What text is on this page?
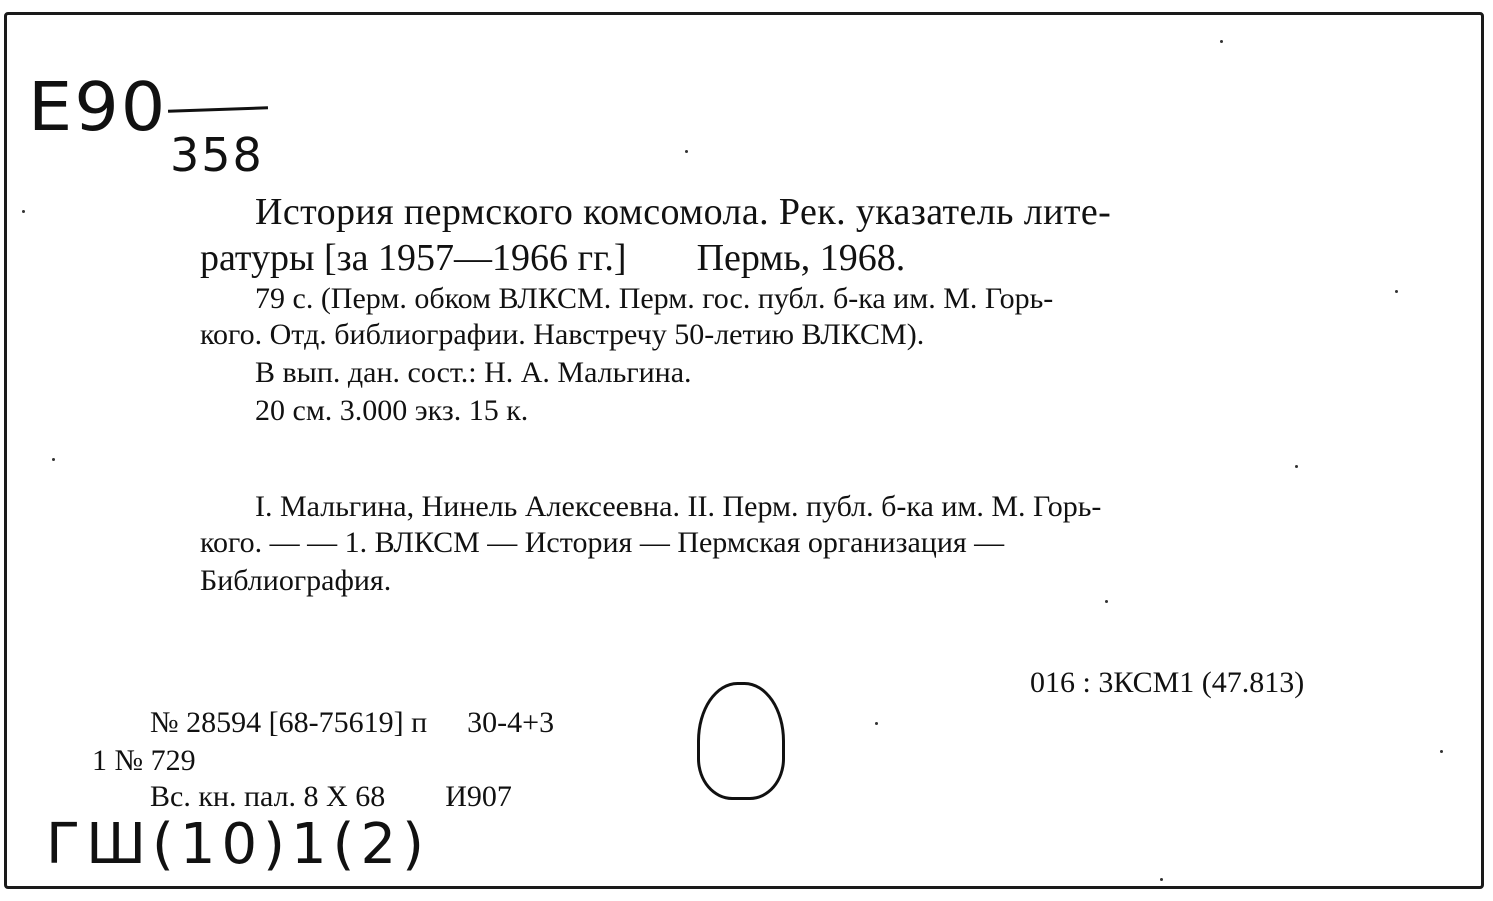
E90
358
История пермского комсомола. Рек. указатель лите-
ратуры [за 1957—1966 гг.] Пермь, 1968.
79 с. (Перм. обком ВЛКСМ. Перм. гос. публ. б-ка им. М. Горь-
кого. Отд. библиографии. Навстречу 50-летию ВЛКСМ).
В вып. дан. сост.: Н. А. Мальгина.
20 см. 3.000 экз. 15 к.
I. Мальгина, Нинель Алексеевна. II. Перм. публ. б-ка им. М. Горь-
кого. — — 1. ВЛКСМ — История — Пермская организация —
Библиография.
016 : 3КСМ1 (47.813)
№ 28594 [68-75619] п 30-4+3
1 № 729
Вс. кн. пал. 8 X 68 И907
ГШ(10)1(2)
